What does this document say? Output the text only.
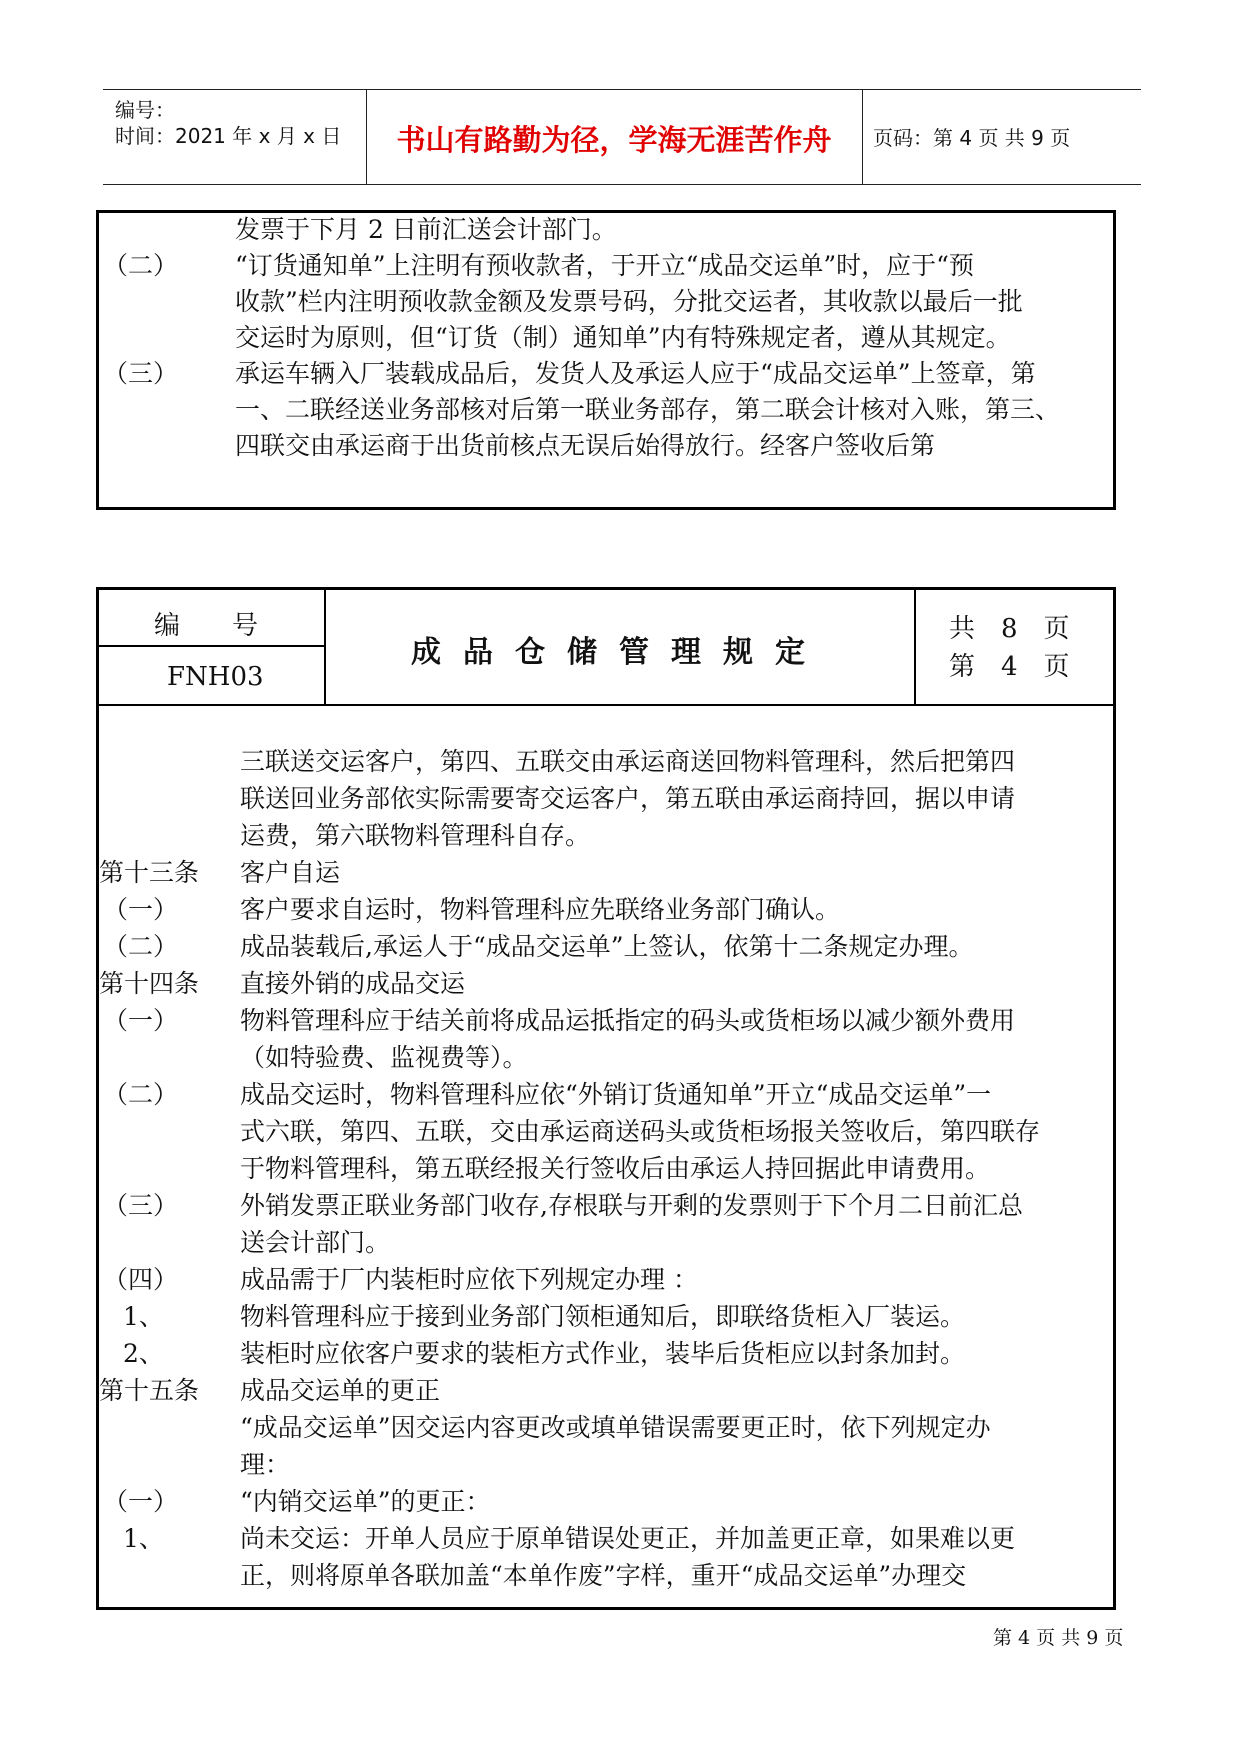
编号：
时间：2021 年 x 月 x 日	书山有路勤为径，学海无涯苦作舟	页码：第 4 页 共 9 页
发票于下月 2 日前汇送会计部门。
（二） “订货通知单”上注明有预收款者，于开立“成品交运单”时，应于“预
收款”栏内注明预收款金额及发票号码，分批交运者，其收款以最后一批
交运时为原则，但“订货（制）通知单”内有特殊规定者，遵从其规定。
（三） 承运车辆入厂装载成品后，发货人及承运人应于“成品交运单”上签章，第
一、二联经送业务部核对后第一联业务部存，第二联会计核对入账，第三、
四联交由承运商于出货前核点无误后始得放行。经客户签收后第
编　　号
FNH03
成品仓储管理规定
共　8　页
第　4　页
三联送交运客户，第四、五联交由承运商送回物料管理科，然后把第四
联送回业务部依实际需要寄交运客户，第五联由承运商持回，据以申请
运费，第六联物料管理科自存。
第十三条 客户自运
（一） 客户要求自运时，物料管理科应先联络业务部门确认。
（二） 成品装载后,承运人于“成品交运单”上签认，依第十二条规定办理。
第十四条 直接外销的成品交运
（一） 物料管理科应于结关前将成品运抵指定的码头或货柜场以减少额外费用
（如特验费、监视费等）。
（二） 成品交运时，物料管理科应依“外销订货通知单”开立“成品交运单”一
式六联，第四、五联，交由承运商送码头或货柜场报关签收后，第四联存
于物料管理科，第五联经报关行签收后由承运人持回据此申请费用。
（三） 外销发票正联业务部门收存,存根联与开剩的发票则于下个月二日前汇总
送会计部门。
（四） 成品需于厂内装柜时应依下列规定办理 ：
1、	物料管理科应于接到业务部门领柜通知后，即联络货柜入厂装运。
2、	装柜时应依客户要求的装柜方式作业，装毕后货柜应以封条加封。
第十五条 成品交运单的更正
“成品交运单”因交运内容更改或填单错误需要更正时，依下列规定办
理：
（一） “内销交运单”的更正：
1、	尚未交运：开单人员应于原单错误处更正，并加盖更正章，如果难以更
正，则将原单各联加盖“本单作废”字样，重开“成品交运单”办理交
第 4 页 共 9 页
